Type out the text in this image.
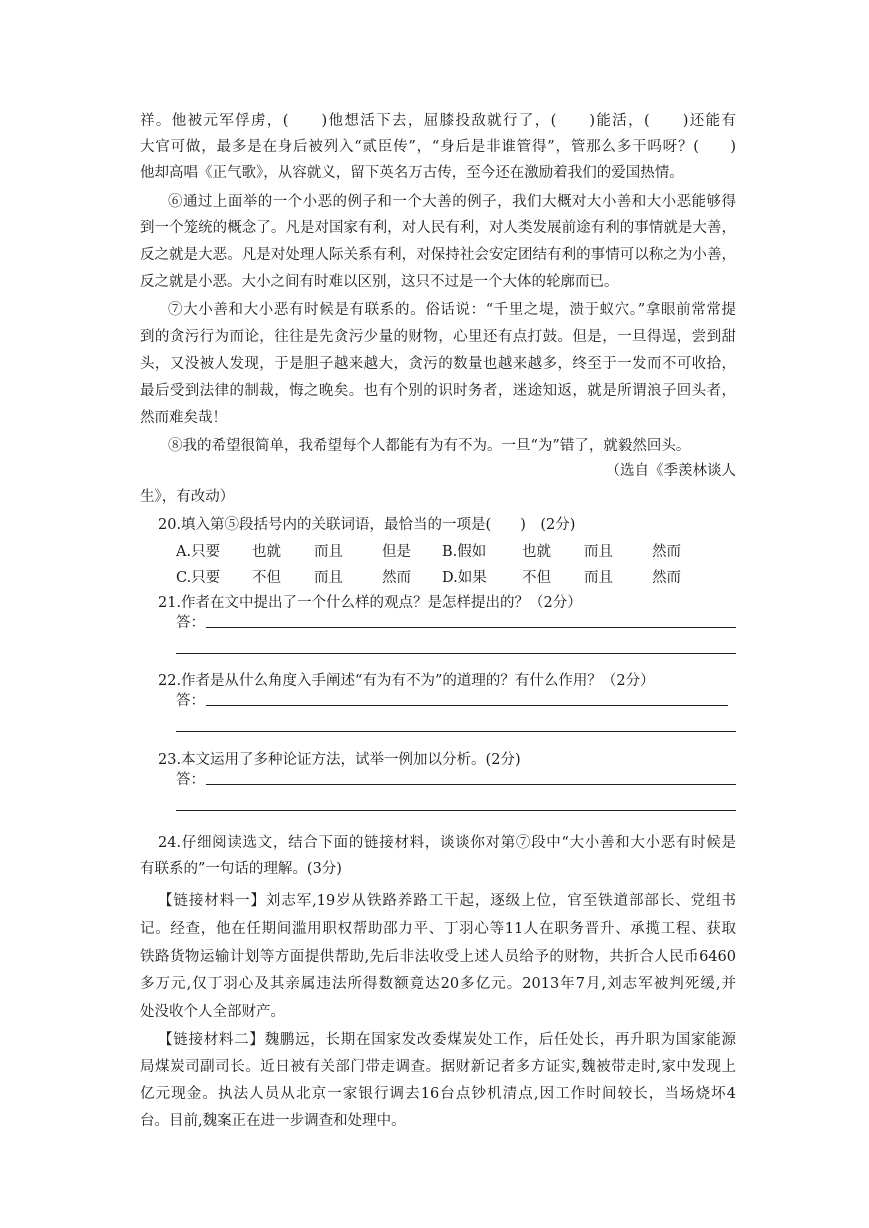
祥。他被元军俘虏，(　　)他想活下去，屈膝投敌就行了，(　　)能活，(　　)还能有
大官可做，最多是在身后被列入“贰臣传”，“身后是非谁管得”，管那么多干吗呀？(　　)
他却高唱《正气歌》，从容就义，留下英名万古传，至今还在激励着我们的爱国热情。
⑥通过上面举的一个小恶的例子和一个大善的例子，我们大概对大小善和大小恶能够得
到一个笼统的概念了。凡是对国家有利，对人民有利，对人类发展前途有利的事情就是大善，
反之就是大恶。凡是对处理人际关系有利，对保持社会安定团结有利的事情可以称之为小善，
反之就是小恶。大小之间有时难以区别，这只不过是一个大体的轮廓而已。
⑦大小善和大小恶有时候是有联系的。俗话说：“千里之堤，溃于蚁穴。”拿眼前常常提
到的贪污行为而论，往往是先贪污少量的财物，心里还有点打鼓。但是，一旦得逞，尝到甜
头，又没被人发现，于是胆子越来越大，贪污的数量也越来越多，终至于一发而不可收拾，
最后受到法律的制裁，悔之晚矣。也有个别的识时务者，迷途知返，就是所谓浪子回头者，
然而难矣哉！
⑧我的希望很简单，我希望每个人都能有为有不为。一旦“为”错了，就毅然回头。
（选自《季羡林谈人
生》，有改动）
20.填入第⑤段括号内的关联词语，最恰当的一项是(　　)　(2分)
A.只要 也就 而且	但是 B.假如 也就 而且	然而
C.只要 不但 而且	然而 D.如果 不但 而且	然而
21.作者在文中提出了一个什么样的观点？是怎样提出的？（2分）
答：
22.作者是从什么角度入手阐述“有为有不为”的道理的？有什么作用？（2分）
答：
23.本文运用了多种论证方法，试举一例加以分析。(2分)
答：
24.仔细阅读选文，结合下面的链接材料，谈谈你对第⑦段中“大小善和大小恶有时候是
有联系的”一句话的理解。(3分)
【链接材料一】刘志军,19岁从铁路养路工干起，逐级上位，官至铁道部部长、党组书
记。经查，他在任期间滥用职权帮助邵力平、丁羽心等11人在职务晋升、承揽工程、获取
铁路货物运输计划等方面提供帮助,先后非法收受上述人员给予的财物，共折合人民币6460
多万元,仅丁羽心及其亲属违法所得数额竟达20多亿元。2013年7月,刘志军被判死缓,并
处没收个人全部财产。
【链接材料二】魏鹏远，长期在国家发改委煤炭处工作，后任处长，再升职为国家能源
局煤炭司副司长。近日被有关部门带走调查。据财新记者多方证实,魏被带走时,家中发现上
亿元现金。执法人员从北京一家银行调去16台点钞机清点,因工作时间较长，当场烧坏4
台。目前,魏案正在进一步调查和处理中。
